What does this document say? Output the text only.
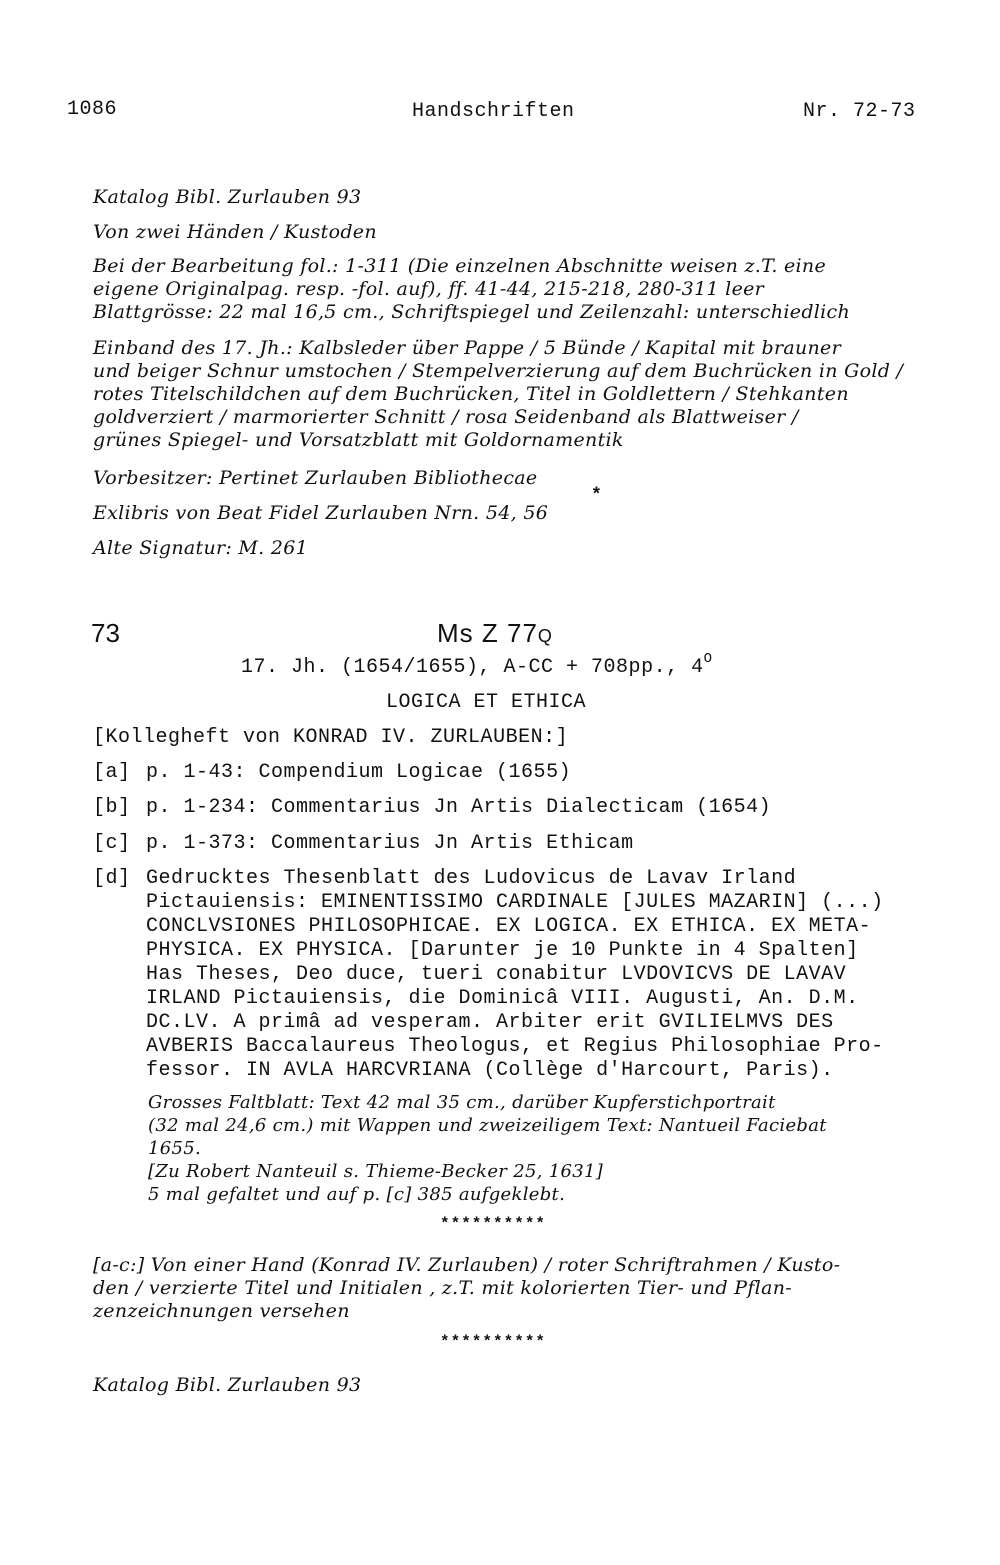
1086	Handschriften	Nr. 72-73
Katalog Bibl. Zurlauben 93
Von zwei Händen / Kustoden
Bei der Bearbeitung fol.: 1-311 (Die einzelnen Abschnitte weisen z.T. eine
eigene Originalpag. resp. -fol. auf), ff. 41-44, 215-218, 280-311 leer
Blattgrösse: 22 mal 16,5 cm., Schriftspiegel und Zeilenzahl: unterschiedlich
Einband des 17. Jh.: Kalbsleder über Pappe / 5 Bünde / Kapital mit brauner
und beiger Schnur umstochen / Stempelverzierung auf dem Buchrücken in Gold /
rotes Titelschildchen auf dem Buchrücken, Titel in Goldlettern / Stehkanten
goldverziert / marmorierter Schnitt / rosa Seidenband als Blattweiser /
grünes Spiegel- und Vorsatzblatt mit Goldornamentik
Vorbesitzer: Pertinet Zurlauben Bibliothecae
Exlibris von Beat Fidel Zurlauben Nrn. 54, 56
*
Alte Signatur: M. 261
73	Ms Z 77Q
17. Jh. (1654/1655), A-CC + 708pp., $4^O$
LOGICA ET ETHICA
[Kollegheft von KONRAD IV. ZURLAUBEN:]
[a] p. 1-43: Compendium Logicae (1655)
[b] p. 1-234: Commentarius Jn Artis Dialecticam (1654)
[c] p. 1-373: Commentarius Jn Artis Ethicam
[d] Gedrucktes Thesenblatt des Ludovicus de Lavav Irland
Pictauiensis: EMINENTISSIMO CARDINALE [JULES MAZARIN] (...)
CONCLVSIONES PHILOSOPHICAE. EX LOGICA. EX ETHICA. EX META-
PHYSICA. EX PHYSICA. [Darunter je 10 Punkte in 4 Spalten]
Has Theses, Deo duce, tueri conabitur LVDOVICVS DE LAVAV
IRLAND Pictauiensis, die Dominicâ VIII. Augusti, An. D.M.
DC.LV. A primâ ad vesperam. Arbiter erit GVILIELMVS DES
AVBERIS Baccalaureus Theologus, et Regius Philosophiae Pro-
fessor. IN AVLA HARCVRIANA (Collège d'Harcourt, Paris).
Grosses Faltblatt: Text 42 mal 35 cm., darüber Kupferstichportrait
(32 mal 24,6 cm.) mit Wappen und zweizeiligem Text: Nantueil Faciebat
1655.
[Zu Robert Nanteuil s. Thieme-Becker 25, 1631]
5 mal gefaltet und auf p. [c] 385 aufgeklebt.
**********
[a-c:] Von einer Hand (Konrad IV. Zurlauben) / roter Schriftrahmen / Kusto-
den / verzierte Titel und Initialen , z.T. mit kolorierten Tier- und Pflan-
zenzeichnungen versehen
**********
Katalog Bibl. Zurlauben 93
